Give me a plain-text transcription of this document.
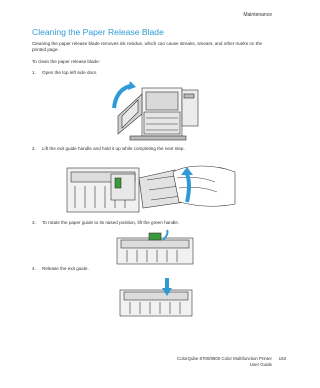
Maintenance
Cleaning the Paper Release Blade
Cleaning the paper release blade removes ink residue, which can cause streaks, smears, and other marks on the printed page.
To clean the paper release blade:
1. Open the top left side door.
2. Lift the exit guide handle and hold it up while completing the next step.
3. To rotate the paper guide to its raised position, lift the green handle.
4. Release the exit guide.
ColorQube 8700/8900 Color Multifunction Printer
User Guide
163
